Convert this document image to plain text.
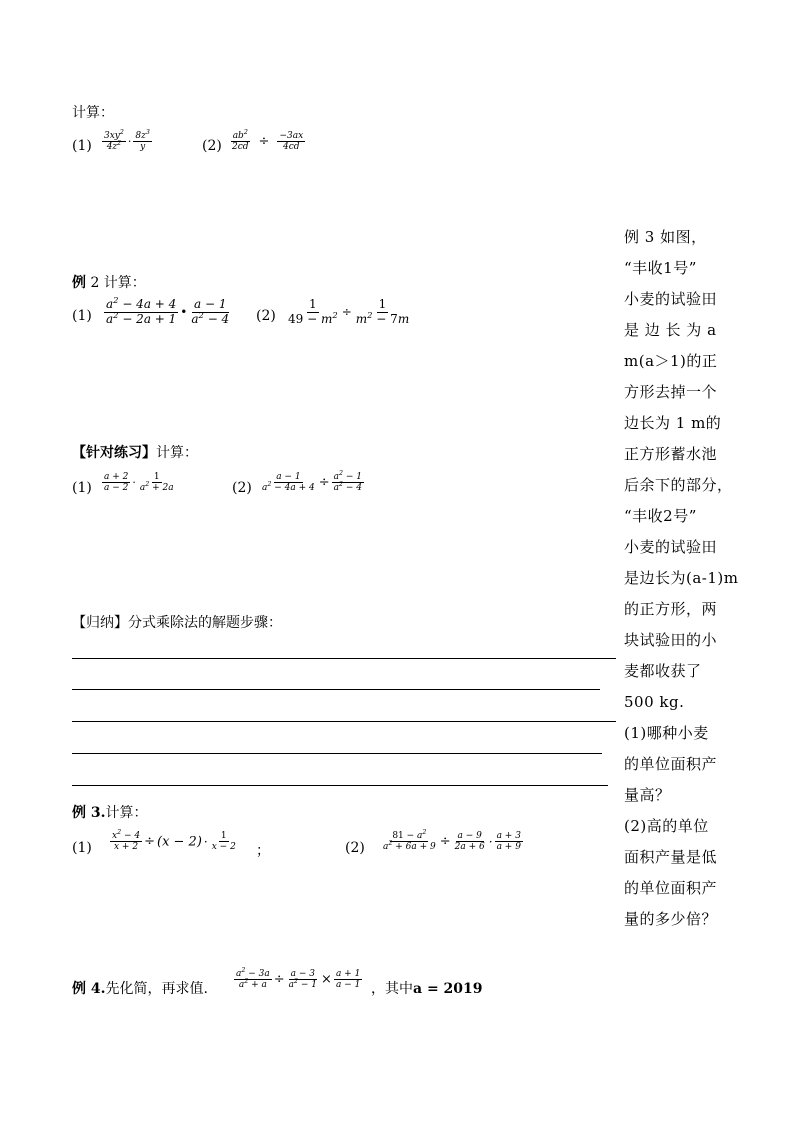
计算：
$(1) \frac{3xy^2}{4z^2} \cdot \frac{8z^3}{y}$	$(2) \frac{ab^2}{2cd} \div \frac{-3ax}{4cd}$
例 2 计算：
$(1) \frac{a^2 - 4a + 4}{a^2 - 2a + 1}$ • $\frac{a - 1}{a^2 - 4} (2) \frac{1}{49 - m^2} \div \frac{1}{m^2 - 7m}$
【针对练习】计算：
$(1) \frac{a + 2}{a - 2} \cdot \frac{1}{a^2 + 2a}$	$(2) \frac{a - 1}{a^2 - 4a + 4} \div \frac{a^2 - 1}{a^2 - 4}$
【归纳】分式乘除法的解题步骤：
例 3.计算：
$(1) \frac{x^2 - 4}{x + 2} \div (x - 2) \cdot \frac{1}{x - 2}$ ；	$(2) \frac{81 - a^2}{a^2 + 6a + 9} \div \frac{a - 9}{2a + 6} \cdot \frac{a + 3}{a + 9}$
例 4.先化简，再求值.	$\frac{a^2 - 3a}{a^2 + a} \div \frac{a - 3}{a^2 - 1} \times \frac{a + 1}{a - 1}$ ，其中a = 2019
例 3 如图，
“丰收1号”
小麦的试验田
是 边 长 为 a
m(a＞1)的正
方形去掉一个
边长为 1 m的
正方形蓄水池
后余下的部分，
“丰收2号”
小麦的试验田
是边长为(a-1)m
的正方形，两
块试验田的小
麦都收获了
500 kg.
(1)哪种小麦
的单位面积产
量高？
(2)高的单位
面积产量是低
的单位面积产
量的多少倍？
